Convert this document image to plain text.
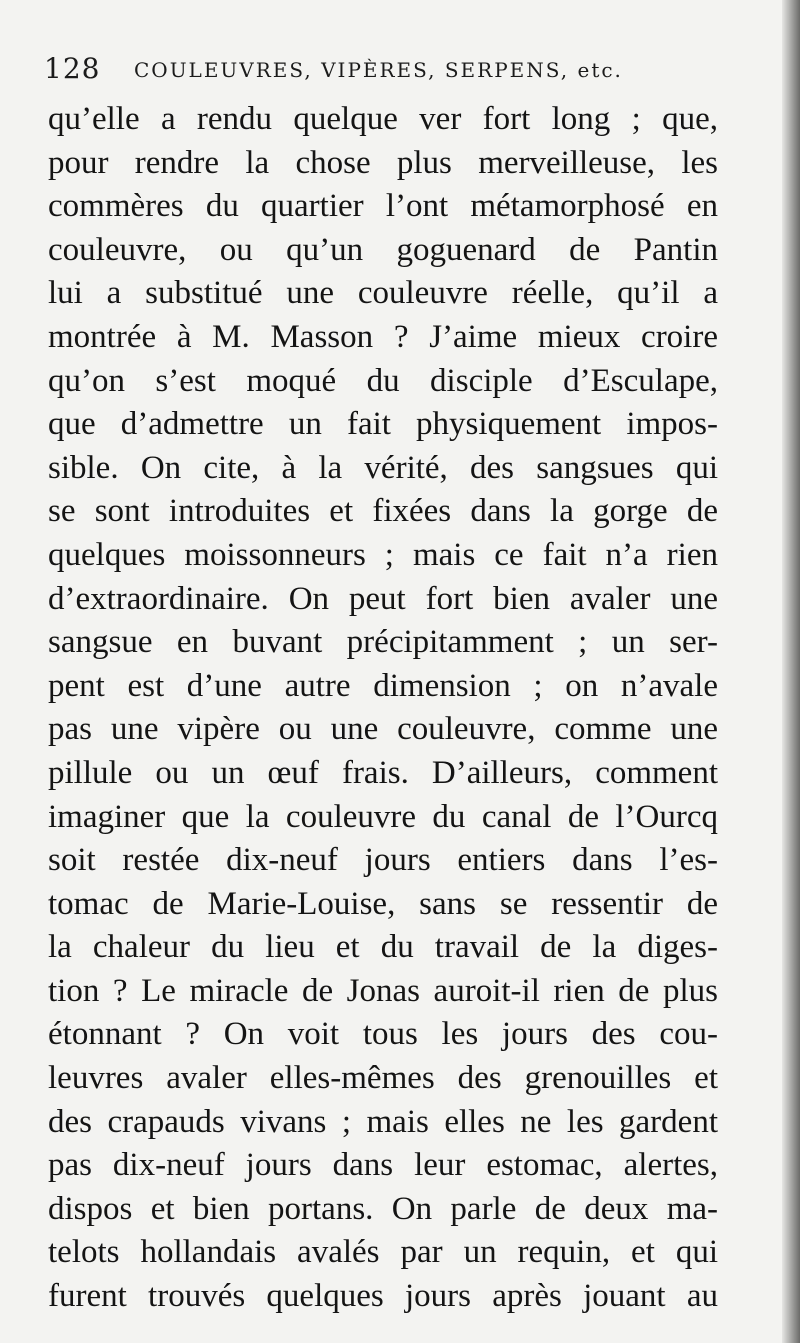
128 COULEUVRES, VIPÈRES, SERPENS, etc.
qu’elle a rendu quelque ver fort long ; que,
pour rendre la chose plus merveilleuse, les
commères du quartier l’ont métamorphosé en
couleuvre, ou qu’un goguenard de Pantin
lui a substitué une couleuvre réelle, qu’il a
montrée à M. Masson ? J’aime mieux croire
qu’on s’est moqué du disciple d’Esculape,
que d’admettre un fait physiquement impos-
sible. On cite, à la vérité, des sangsues qui
se sont introduites et fixées dans la gorge de
quelques moissonneurs ; mais ce fait n’a rien
d’extraordinaire. On peut fort bien avaler une
sangsue en buvant précipitamment ; un ser-
pent est d’une autre dimension ; on n’avale
pas une vipère ou une couleuvre, comme une
pillule ou un œuf frais. D’ailleurs, comment
imaginer que la couleuvre du canal de l’Ourcq
soit restée dix-neuf jours entiers dans l’es-
tomac de Marie-Louise, sans se ressentir de
la chaleur du lieu et du travail de la diges-
tion ? Le miracle de Jonas auroit-il rien de plus
étonnant ? On voit tous les jours des cou-
leuvres avaler elles-mêmes des grenouilles et
des crapauds vivans ; mais elles ne les gardent
pas dix-neuf jours dans leur estomac, alertes,
dispos et bien portans. On parle de deux ma-
telots hollandais avalés par un requin, et qui
furent trouvés quelques jours après jouant au
